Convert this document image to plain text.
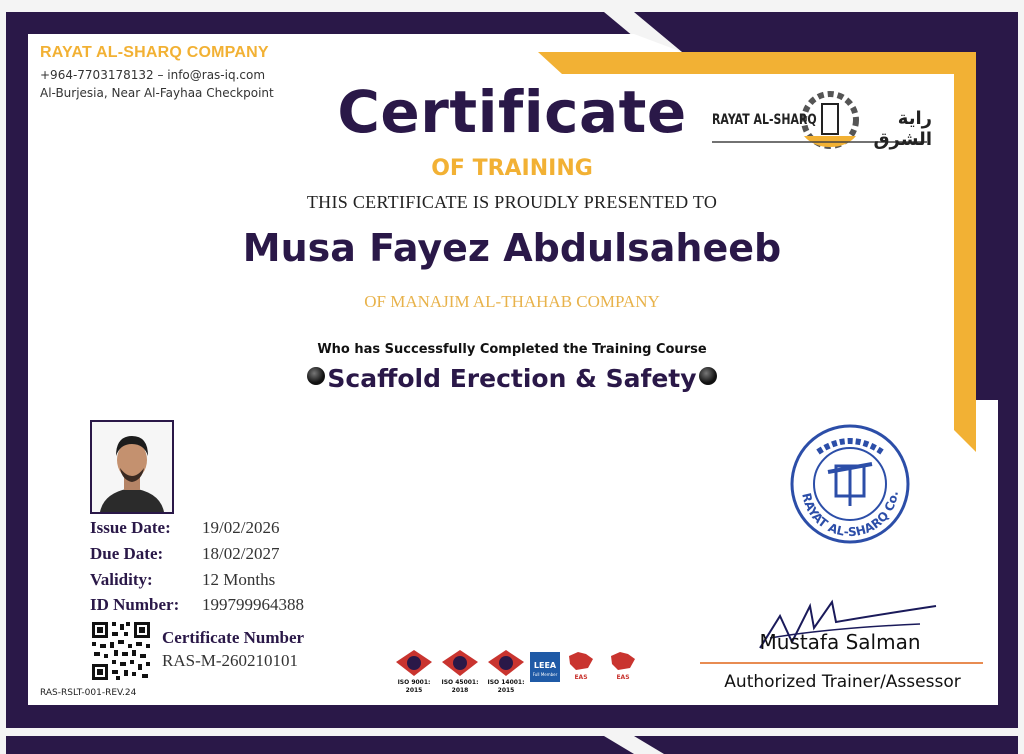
RAYAT AL-SHARQ COMPANY
+964-7703178132 – info@ras-iq.com
Al-Burjesia, Near Al-Fayhaa Checkpoint
RAYAT AL-SHARQ	راية الشرق
Certificate
OF TRAINING
THIS CERTIFICATE IS PROUDLY PRESENTED TO
Musa Fayez Abdulsaheeb
OF MANAJIM AL-THAHAB COMPANY
Who has Successfully Completed the Training Course
Scaffold Erection & Safety
Issue Date: 19/02/2026
Due Date: 18/02/2027
Validity:	12 Months
ID Number: 199799964388
Certificate Number
RAS-M-260210101
RAS-RSLT-001-REV.24
ISO 9001:
2015
ISO 45001:
2018
ISO 14001:
2015
LEEA
Full Member	EAS	EAS
RAYAT AL-SHARQ Co.
Mustafa Salman
Authorized Trainer/Assessor
